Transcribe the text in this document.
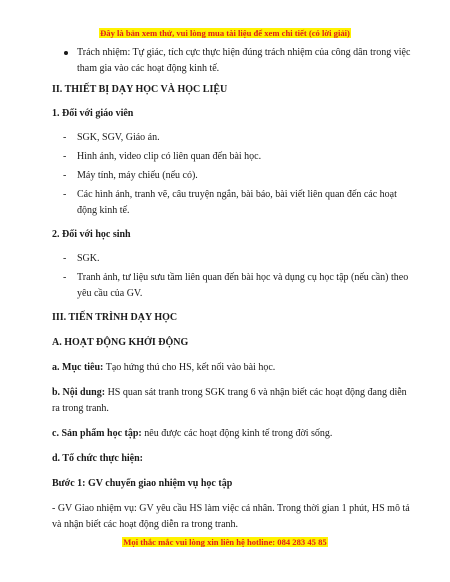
Đây là bản xem thử, vui lòng mua tài liệu để xem chi tiết (có lời giải)
Trách nhiệm: Tự giác, tích cực thực hiện đúng trách nhiệm của công dân trong việc tham gia vào các hoạt động kinh tế.
II. THIẾT BỊ DẠY HỌC VÀ HỌC LIỆU
1. Đối với giáo viên
- SGK, SGV, Giáo án.
- Hình ảnh, video clip có liên quan đến bài học.
- Máy tính, máy chiếu (nếu có).
- Các hình ảnh, tranh vẽ, câu truyện ngắn, bài báo, bài viết liên quan đến các hoạt động kinh tế.
2. Đối với học sinh
- SGK.
- Tranh ảnh, tư liệu sưu tầm liên quan đến bài học và dụng cụ học tập (nếu cần) theo yêu cầu của GV.
III. TIẾN TRÌNH DẠY HỌC
A. HOẠT ĐỘNG KHỞI ĐỘNG
a. Mục tiêu: Tạo hứng thú cho HS, kết nối vào bài học.
b. Nội dung: HS quan sát tranh trong SGK trang 6 và nhận biết các hoạt động đang diễn ra trong tranh.
c. Sản phẩm học tập: nêu được các hoạt động kinh tế trong đời sống.
d. Tổ chức thực hiện:
Bước 1: GV chuyển giao nhiệm vụ học tập
- GV Giao nhiệm vụ: GV yêu cầu HS làm việc cá nhân. Trong thời gian 1 phút, HS mô tả và nhận biết các hoạt động diễn ra trong tranh.
Mọi thắc mắc vui lòng xin liên hệ hotline: 084 283 45 85
